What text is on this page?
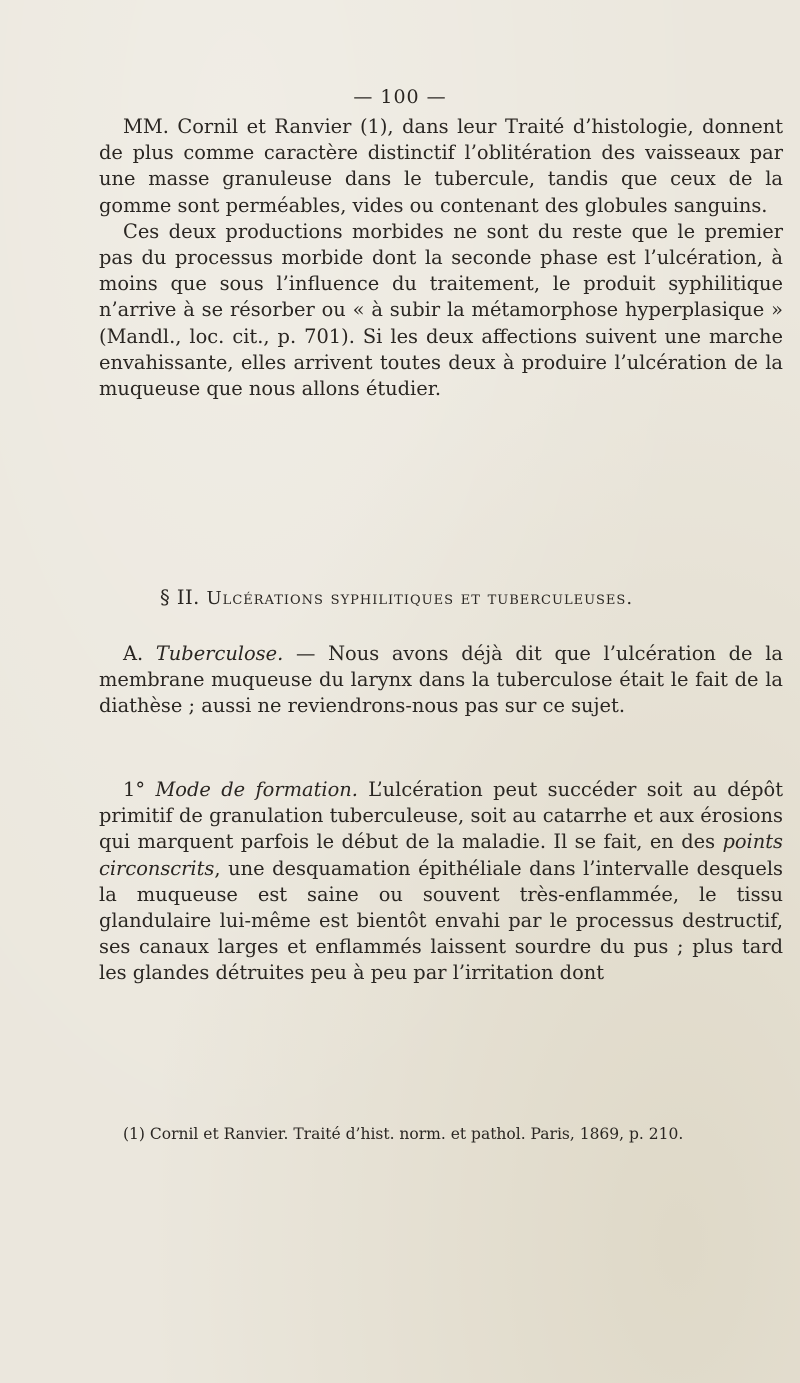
— 100 —

MM. Cornil et Ranvier (1), dans leur Traité d’histologie, donnent de plus comme caractère distinctif l’oblitération des vaisseaux par une masse granuleuse dans le tubercule, tandis que ceux de la gomme sont perméables, vides ou contenant des globules sanguins.

Ces deux productions morbides ne sont du reste que le premier pas du processus morbide dont la seconde phase est l’ulcération, à moins que sous l’influence du traitement, le produit syphilitique n’arrive à se résorber ou « à subir la métamorphose hyperplasique » (Mandl., loc. cit., p. 701). Si les deux affections suivent une marche envahissante, elles arrivent toutes deux à produire l’ulcération de la muqueuse que nous allons étudier.

§ II. Ulcérations syphilitiques et tuberculeuses.

A. Tuberculose. — Nous avons déjà dit que l’ulcération de la membrane muqueuse du larynx dans la tuberculose était le fait de la diathèse ; aussi ne reviendrons-nous pas sur ce sujet.

1° Mode de formation. L’ulcération peut succéder soit au dépôt primitif de granulation tuberculeuse, soit au catarrhe et aux érosions qui marquent parfois le début de la maladie. Il se fait, en des points circonscrits, une desquamation épithéliale dans l’intervalle desquels la muqueuse est saine ou souvent très-enflammée, le tissu glandulaire lui-même est bientôt envahi par le processus destructif, ses canaux larges et enflammés laissent sourdre du pus ; plus tard les glandes détruites peu à peu par l’irritation dont

(1) Cornil et Ranvier. Traité d’hist. norm. et pathol. Paris, 1869, p. 210.
